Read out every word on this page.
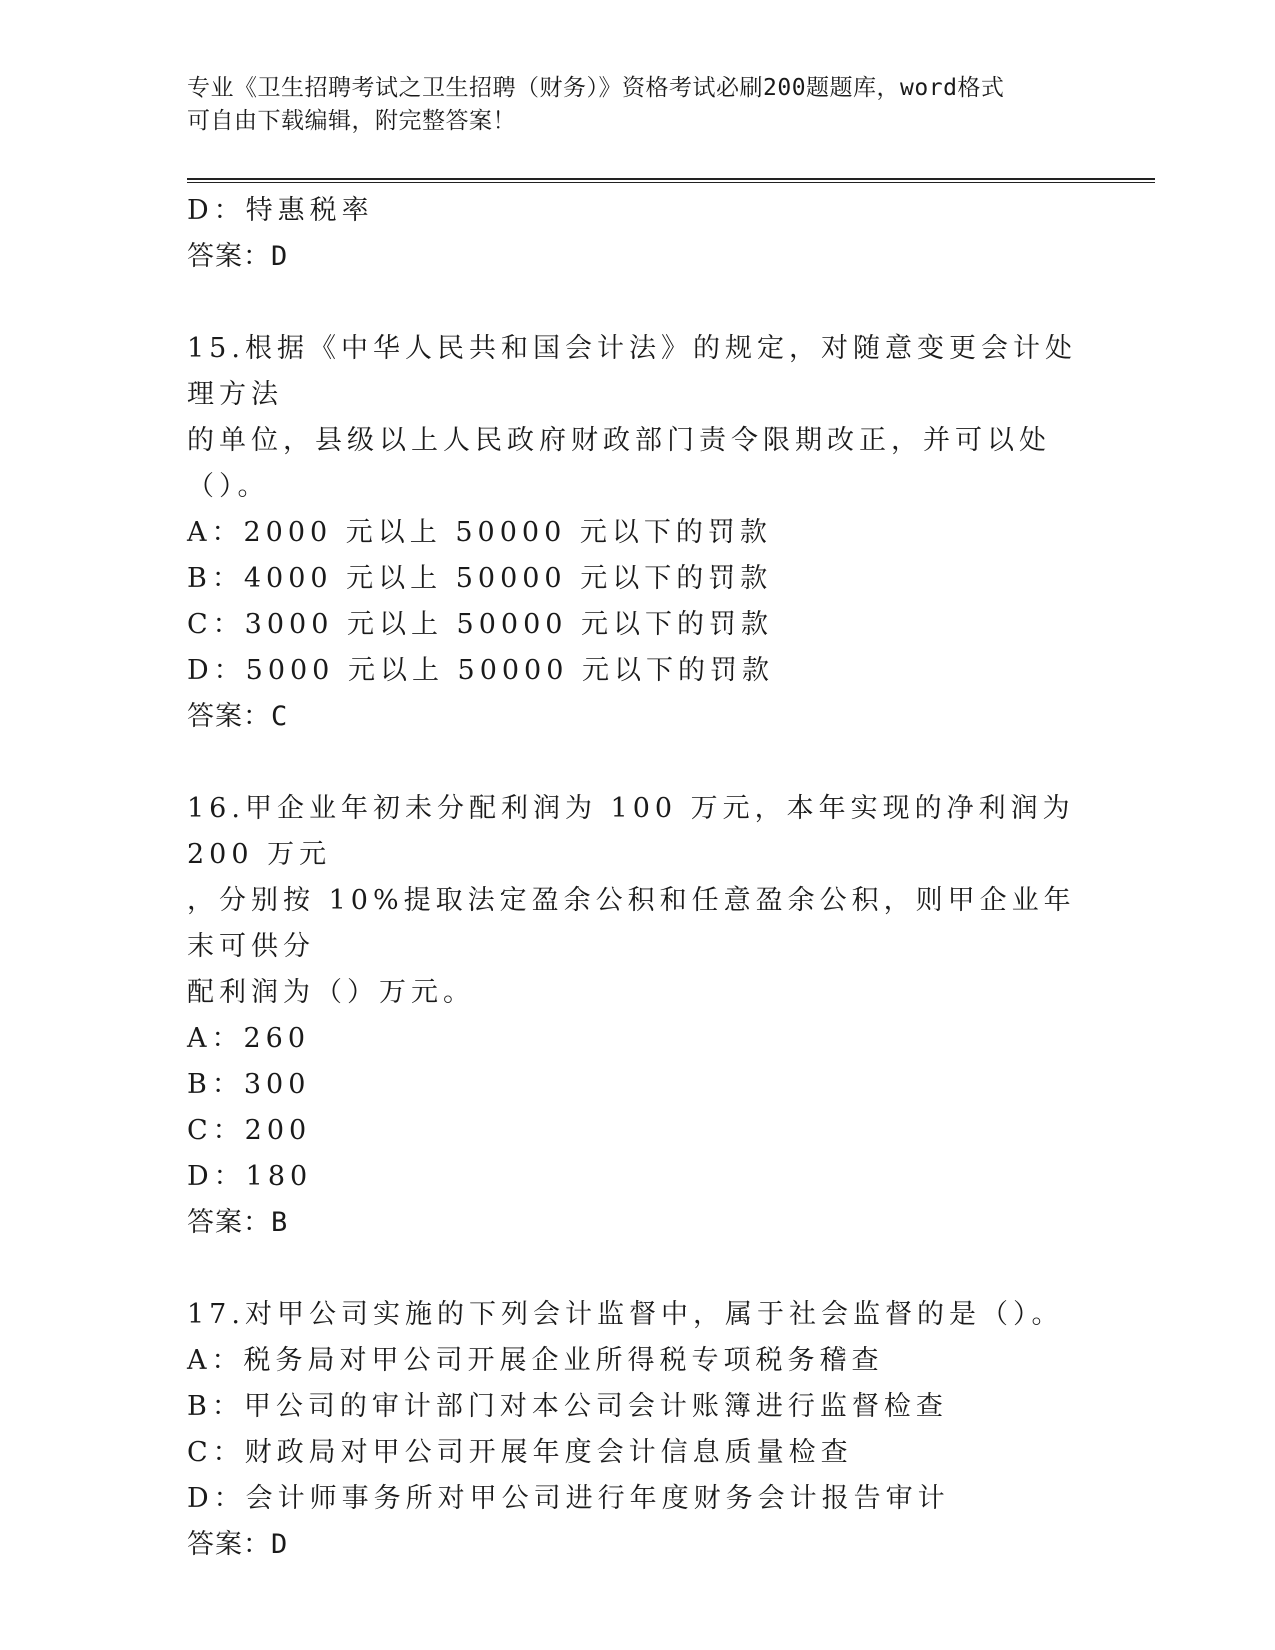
专业《卫生招聘考试之卫生招聘（财务）》资格考试必刷200题题库，word格式
可自由下载编辑，附完整答案！
D：特惠税率
答案：D
15.根据《中华人民共和国会计法》的规定，对随意变更会计处理方法
的单位，县级以上人民政府财政部门责令限期改正，并可以处（）。
A：2000 元以上 50000 元以下的罚款
B：4000 元以上 50000 元以下的罚款
C：3000 元以上 50000 元以下的罚款
D：5000 元以上 50000 元以下的罚款
答案：C
16.甲企业年初未分配利润为 100 万元，本年实现的净利润为 200 万元
，分别按 10%提取法定盈余公积和任意盈余公积，则甲企业年末可供分
配利润为（）万元。
A：260
B：300
C：200
D：180
答案：B
17.对甲公司实施的下列会计监督中，属于社会监督的是（）。
A：税务局对甲公司开展企业所得税专项税务稽查
B：甲公司的审计部门对本公司会计账簿进行监督检查
C：财政局对甲公司开展年度会计信息质量检查
D：会计师事务所对甲公司进行年度财务会计报告审计
答案：D
